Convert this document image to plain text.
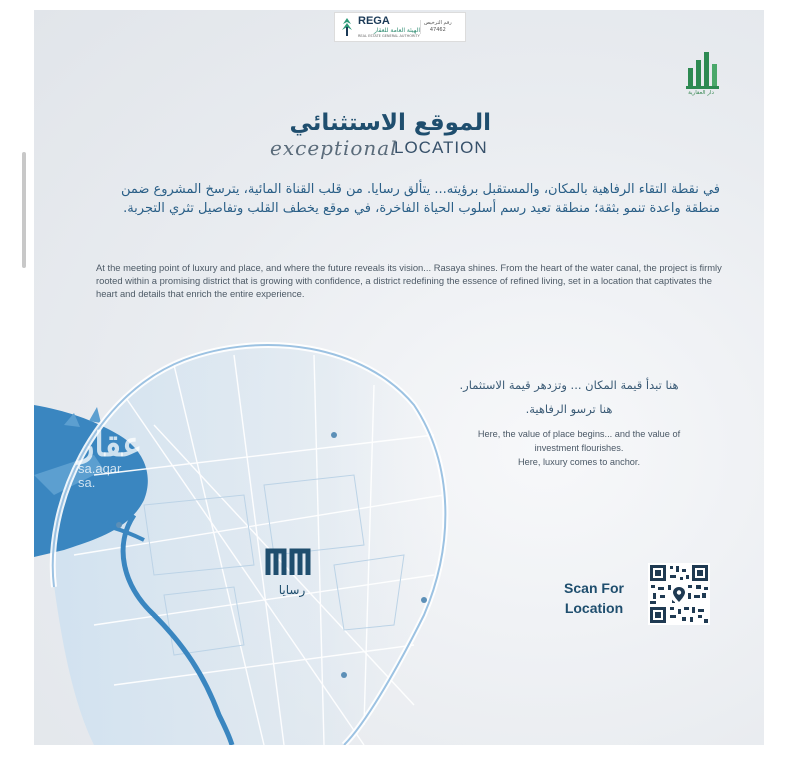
REGA
الهيئة العامة للعقار
REAL ESTATE GENERAL AUTHORITY
رقم الترخيص
47462
دار العقارية
الموقع الاستثنائي
exceptional
LOCATION

في نقطة التقاء الرفاهية بالمكان، والمستقبل برؤيته... يتألق رسايا. من قلب القناة المائية، يترسخ المشروع ضمن منطقة واعدة تنمو بثقة؛ منطقة تعيد رسم أسلوب الحياة الفاخرة، في موقع يخطف القلب وتفاصيل تثري التجربة.

At the meeting point of luxury and place, and where the future reveals its vision... Rasaya shines. From the heart of the water canal, the project is firmly rooted within a promising district that is growing with confidence, a district redefining the essence of refined living, set in a location that captivates the heart and details that enrich the entire experience.

عقار
sa.aqar
sa.
رسايا
هنا تبدأ قيمة المكان ... وتزدهر قيمة الاستثمار.
هنا ترسو الرفاهية.
Here, the value of place begins... and the value of
investment flourishes.
Here, luxury comes to anchor.
Scan For
Location
